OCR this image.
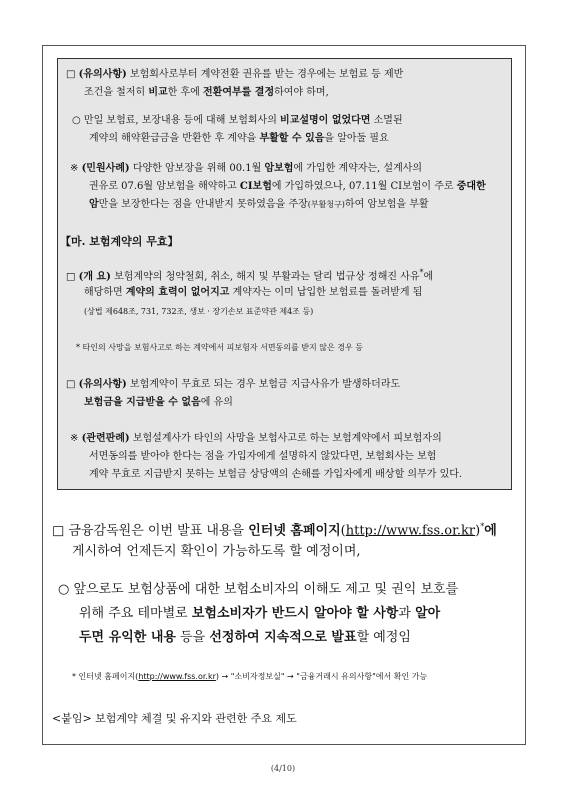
□ (유의사항) 보험회사로부터 계약전환 권유를 받는 경우에는 보험료 등 제반
조건을 철저히 비교한 후에 전환여부를 결정하여야 하며,
○ 만일 보험료, 보장내용 등에 대해 보험회사의 비교설명이 없었다면 소멸된
계약의 해약환급금을 반환한 후 계약을 부활할 수 있음을 알아둘 필요
※ (민원사례) 다양한 암보장을 위해 00.1월 암보험에 가입한 계약자는, 설계사의
권유로 07.6월 암보험을 해약하고 CI보험에 가입하였으나, 07.11월 CI보험이 주로 중대한
암만을 보장한다는 점을 안내받지 못하였음을 주장(부활청구)하여 암보험을 부활
【마. 보험계약의 무효】
□ (개 요) 보험계약의 청약철회, 취소, 해지 및 부활과는 달리 법규상 정해진 사유*에
해당하면 계약의 효력이 없어지고 계약자는 이미 납입한 보험료를 돌려받게 됨
(상법 제648조, 731, 732조, 생보 · 장기손보 표준약관 제4조 등)
* 타인의 사망을 보험사고로 하는 계약에서 피보험자 서면동의를 받지 않은 경우 등
□ (유의사항) 보험계약이 무효로 되는 경우 보험금 지급사유가 발생하더라도
보험금을 지급받을 수 없음에 유의
※ (관련판례) 보험설계사가 타인의 사망을 보험사고로 하는 보험계약에서 피보험자의
서면동의를 받아야 한다는 점을 가입자에게 설명하지 않았다면, 보험회사는 보험
계약 무효로 지급받지 못하는 보험금 상당액의 손해를 가입자에게 배상할 의무가 있다.
□ 금융감독원은 이번 발표 내용을 인터넷 홈페이지(http://www.fss.or.kr)*에
게시하여 언제든지 확인이 가능하도록 할 예정이며,
○ 앞으로도 보험상품에 대한 보험소비자의 이해도 제고 및 권익 보호를
위해 주요 테마별로 보험소비자가 반드시 알아야 할 사항과 알아
두면 유익한 내용 등을 선정하여 지속적으로 발표할 예정임
* 인터넷 홈페이지(http://www.fss.or.kr) → "소비자정보실" → "금융거래시 유의사항"에서 확인 가능
<붙임> 보험계약 체결 및 유지와 관련한 주요 제도
(4/10)
